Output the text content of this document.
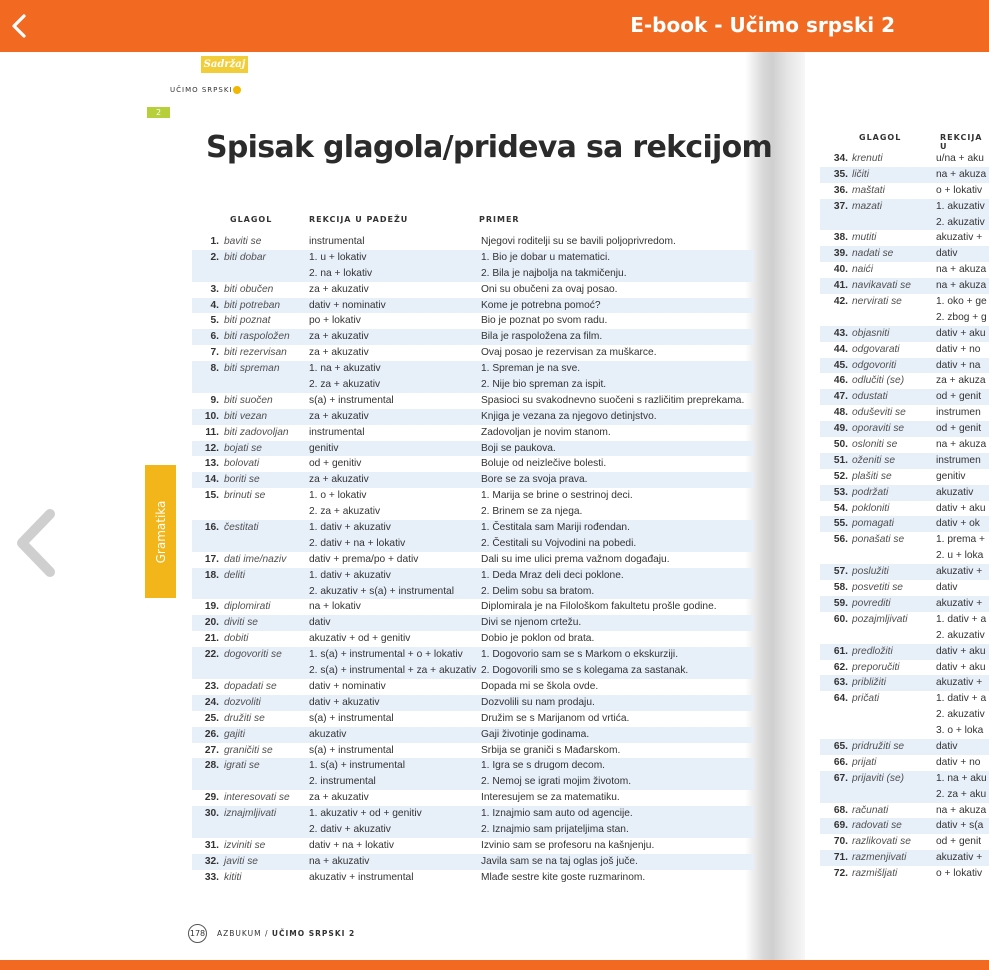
E-book - Učimo srpski 2
Sadržaj
UČIMO SRPSKI
2
Gramatika
Spisak glagola/prideva sa rekcijom
GLAGOL	REKCIJA U PADEŽU	PRIMER
1. baviti se	instrumental	Njegovi roditelji su se bavili poljoprivredom.
2. biti dobar	1. u + lokativ	1. Bio je dobar u matematici.
2. na + lokativ	2. Bila je najbolja na takmičenju.
3. biti obučen	za + akuzativ	Oni su obučeni za ovaj posao.
4. biti potreban	dativ + nominativ	Kome je potrebna pomoć?
5. biti poznat	po + lokativ	Bio je poznat po svom radu.
6. biti raspoložen	za + akuzativ	Bila je raspoložena za film.
7. biti rezervisan	za + akuzativ	Ovaj posao je rezervisan za muškarce.
8. biti spreman	1. na + akuzativ	1. Spreman je na sve.
2. za + akuzativ	2. Nije bio spreman za ispit.
9. biti suočen	s(a) + instrumental	Spasioci su svakodnevno suočeni s različitim preprekama.
10. biti vezan	za + akuzativ	Knjiga je vezana za njegovo detinjstvo.
11. biti zadovoljan	instrumental	Zadovoljan je novim stanom.
12. bojati se	genitiv	Boji se paukova.
13. bolovati	od + genitiv	Boluje od neizlečive bolesti.
14. boriti se	za + akuzativ	Bore se za svoja prava.
15. brinuti se	1. o + lokativ	1. Marija se brine o sestrinoj deci.
2. za + akuzativ	2. Brinem se za njega.
16. čestitati	1. dativ + akuzativ	1. Čestitala sam Mariji rođendan.
2. dativ + na + lokativ	2. Čestitali su Vojvodini na pobedi.
17. dati ime/naziv	dativ + prema/po + dativ	Dali su ime ulici prema važnom događaju.
18. deliti	1. dativ + akuzativ	1. Deda Mraz deli deci poklone.
2. akuzativ + s(a) + instrumental	2. Delim sobu sa bratom.
19. diplomirati	na + lokativ	Diplomirala je na Filološkom fakultetu prošle godine.
20. diviti se	dativ	Divi se njenom crtežu.
21. dobiti	akuzativ + od + genitiv	Dobio je poklon od brata.
22. dogovoriti se	1. s(a) + instrumental + o + lokativ	1. Dogovorio sam se s Markom o ekskurziji.
2. s(a) + instrumental + za + akuzativ 2. Dogovorili smo se s kolegama za sastanak.
23. dopadati se	dativ + nominativ	Dopada mi se škola ovde.
24. dozvoliti	dativ + akuzativ	Dozvolili su nam prodaju.
25. družiti se	s(a) + instrumental	Družim se s Marijanom od vrtića.
26. gajiti	akuzativ	Gaji životinje godinama.
27. graničiti se	s(a) + instrumental	Srbija se graniči s Mađarskom.
28. igrati se	1. s(a) + instrumental	1. Igra se s drugom decom.
2. instrumental	2. Nemoj se igrati mojim životom.
29. interesovati se	za + akuzativ	Interesujem se za matematiku.
30. iznajmljivati	1. akuzativ + od + genitiv	1. Iznajmio sam auto od agencije.
2. dativ + akuzativ	2. Iznajmio sam prijateljima stan.
31. izviniti se	dativ + na + lokativ	Izvinio sam se profesoru na kašnjenju.
32. javiti se	na + akuzativ	Javila sam se na taj oglas još juče.
33. kititi	akuzativ + instrumental	Mlađe sestre kite goste ruzmarinom.
178 AZBUKUM
/
UČIMO SRPSKI 2
GLAGOL	REKCIJA U
34. krenuti	u/na + aku
35. ličiti	na + akuza
36. maštati	o + lokativ
37. mazati	1. akuzativ
2. akuzativ
38. mutiti	akuzativ +
39. nadati se	dativ
40. naići	na + akuza
41. navikavati se	na + akuza
42. nervirati se	1. oko + ge
2. zbog + g
43. objasniti	dativ + aku
44. odgovarati	dativ + no
45. odgovoriti	dativ + na
46. odlučiti (se)	za + akuza
47. odustati	od + genit
48. oduševiti se	instrumen
49. oporaviti se	od + genit
50. osloniti se	na + akuza
51. oženiti se	instrumen
52. plašiti se	genitiv
53. podržati	akuzativ
54. pokloniti	dativ + aku
55. pomagati	dativ + ok
56. ponašati se	1. prema +
2. u + loka
57. poslužiti	akuzativ +
58. posvetiti se	dativ
59. povrediti	akuzativ +
60. pozajmljivati	1. dativ + a
2. akuzativ
61. predložiti	dativ + aku
62. preporučiti	dativ + aku
63. približiti	akuzativ +
64. pričati	1. dativ + a
2. akuzativ
3. o + loka
65. pridružiti se	dativ
66. prijati	dativ + no
67. prijaviti (se)	1. na + aku
2. za + aku
68. računati	na + akuza
69. radovati se	dativ + s(a
70. razlikovati se	od + genit
71. razmenjivati	akuzativ +
72. razmišljati	o + lokativ
